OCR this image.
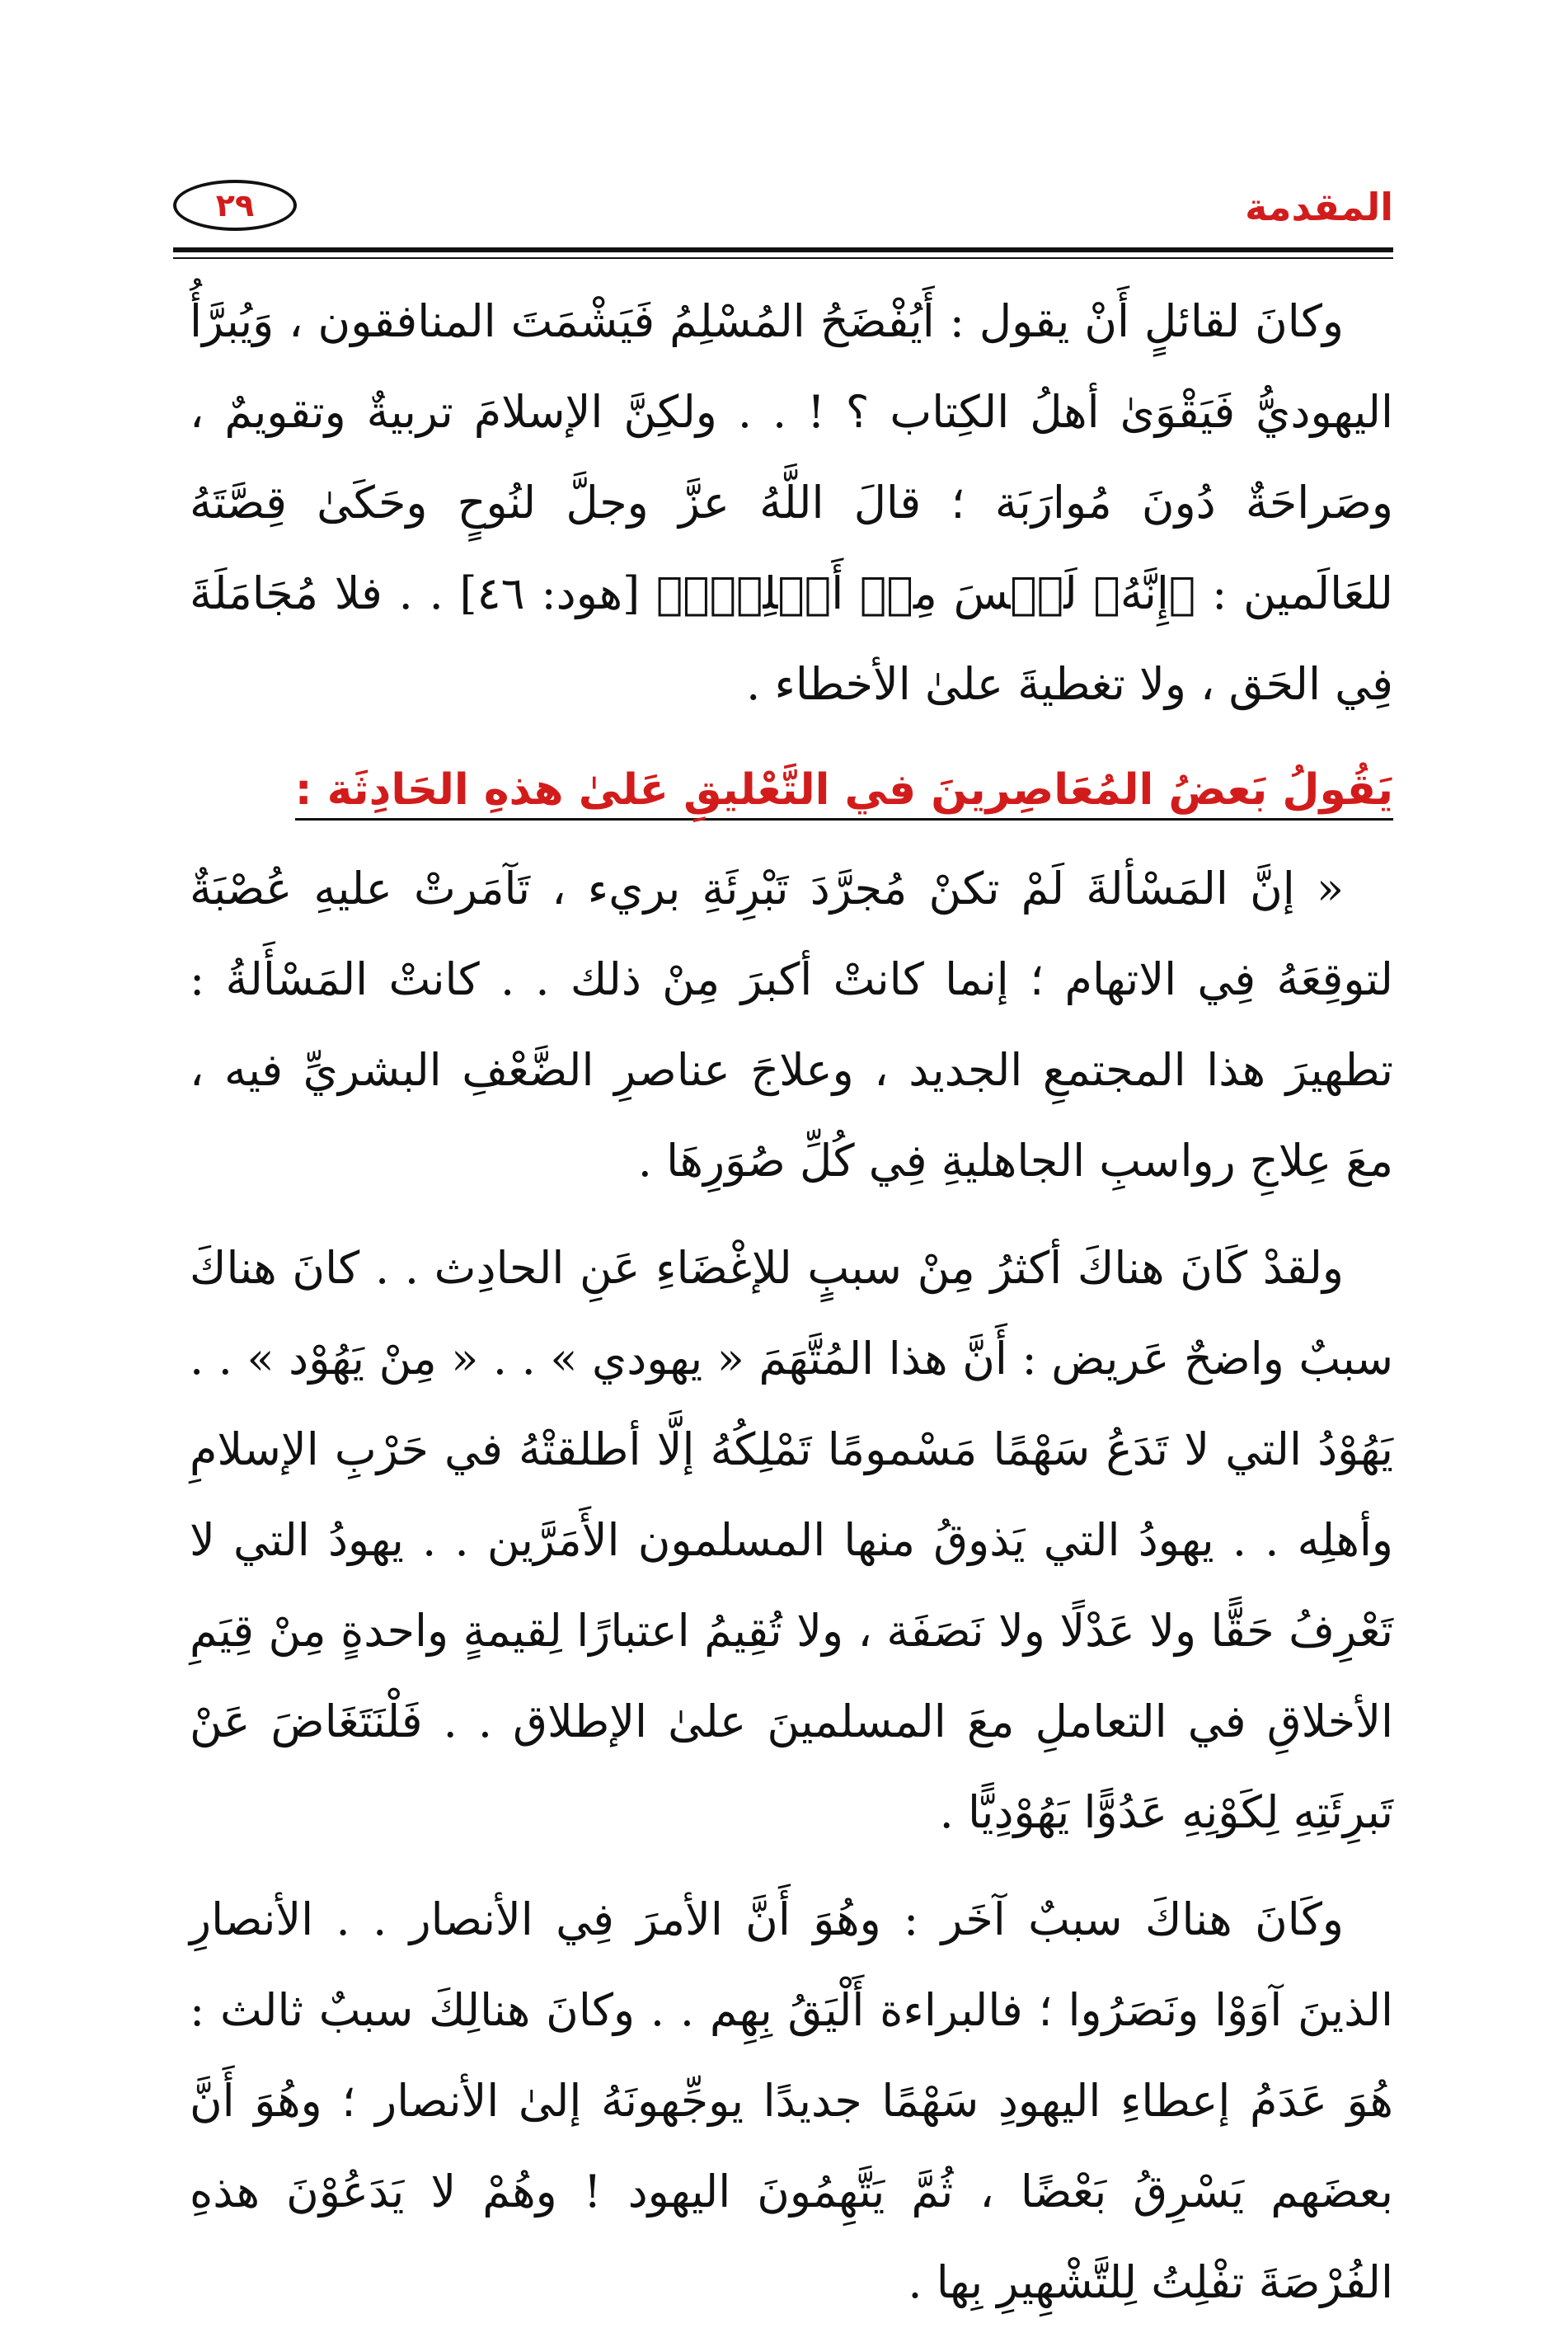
المقدمة
٢٩

وكانَ لقائلٍ أَنْ يقول : أَيُفْضَحُ المُسْلِمُ فَيَشْمَتَ المنافقون ، وَيُبرَّأُ اليهوديُّ فَيَقْوَىٰ أهلُ الكِتاب ؟ ! . . ولكِنَّ الإسلامَ تربيةٌ وتقويمٌ ، وصَراحَةٌ دُونَ مُوارَبَة ؛ قالَ اللَّهُ عزَّ وجلَّ لنُوحٍ وحَكَىٰ قِصَّتَهُ للعَالَمين : ﴿إِنَّهُۥ لَيۡسَ مِنۡ أَهۡلِكَۖ﴾ [هود: ٤٦] . . فلا مُجَامَلَةَ فِي الحَق ، ولا تغطيةَ علىٰ الأخطاء .

يَقُولُ بَعضُ المُعَاصِرينَ في التَّعْليقِ عَلىٰ هذهِ الحَادِثَة :

« إنَّ المَسْألةَ لَمْ تكنْ مُجرَّدَ تَبْرِئَةِ بريء ، تَآمَرتْ عليهِ عُصْبَةٌ لتوقِعَهُ فِي الاتهام ؛ إنما كانتْ أكبرَ مِنْ ذلك . . كانتْ المَسْأَلةُ : تطهيرَ هذا المجتمعِ الجديد ، وعلاجَ عناصرِ الضَّعْفِ البشريِّ فيه ، معَ عِلاجِ رواسبِ الجاهليةِ فِي كُلِّ صُوَرِهَا .

ولقدْ كَانَ هناكَ أكثرُ مِنْ سببٍ للإغْضَاءِ عَنِ الحادِث . . كانَ هناكَ سببٌ واضحٌ عَريض : أَنَّ هذا المُتَّهَمَ « يهودي » . . « مِنْ يَهُوْد » . . يَهُوْدُ التي لا تَدَعُ سَهْمًا مَسْمومًا تَمْلِكُهُ إلَّا أطلقتْهُ في حَرْبِ الإسلامِ وأهلِه . . يهودُ التي يَذوقُ منها المسلمون الأَمَرَّين . . يهودُ التي لا تَعْرِفُ حَقًّا ولا عَدْلًا ولا نَصَفَة ، ولا تُقِيمُ اعتبارًا لِقيمةٍ واحدةٍ مِنْ قِيَمِ الأخلاقِ في التعاملِ معَ المسلمينَ علىٰ الإطلاق . . فَلْنَتَغَاضَ عَنْ تَبرِئَتِهِ لِكَوْنِهِ عَدُوًّا يَهُوْدِيًّا .

وكَانَ هناكَ سببٌ آخَر : وهُوَ أَنَّ الأمرَ فِي الأنصار . . الأنصارِ الذينَ آوَوْا ونَصَرُوا ؛ فالبراءة أَلْيَقُ بِهِم . . وكانَ هنالِكَ سببٌ ثالث : هُوَ عَدَمُ إعطاءِ اليهودِ سَهْمًا جديدًا يوجِّهونَهُ إلىٰ الأنصار ؛ وهُوَ أَنَّ بعضَهم يَسْرِقُ بَعْضًا ، ثُمَّ يَتَّهِمُونَ اليهود ! وهُمْ لا يَدَعُوْنَ هذهِ الفُرْصَةَ تفْلِتُ لِلتَّشْهِيرِ بِها .
